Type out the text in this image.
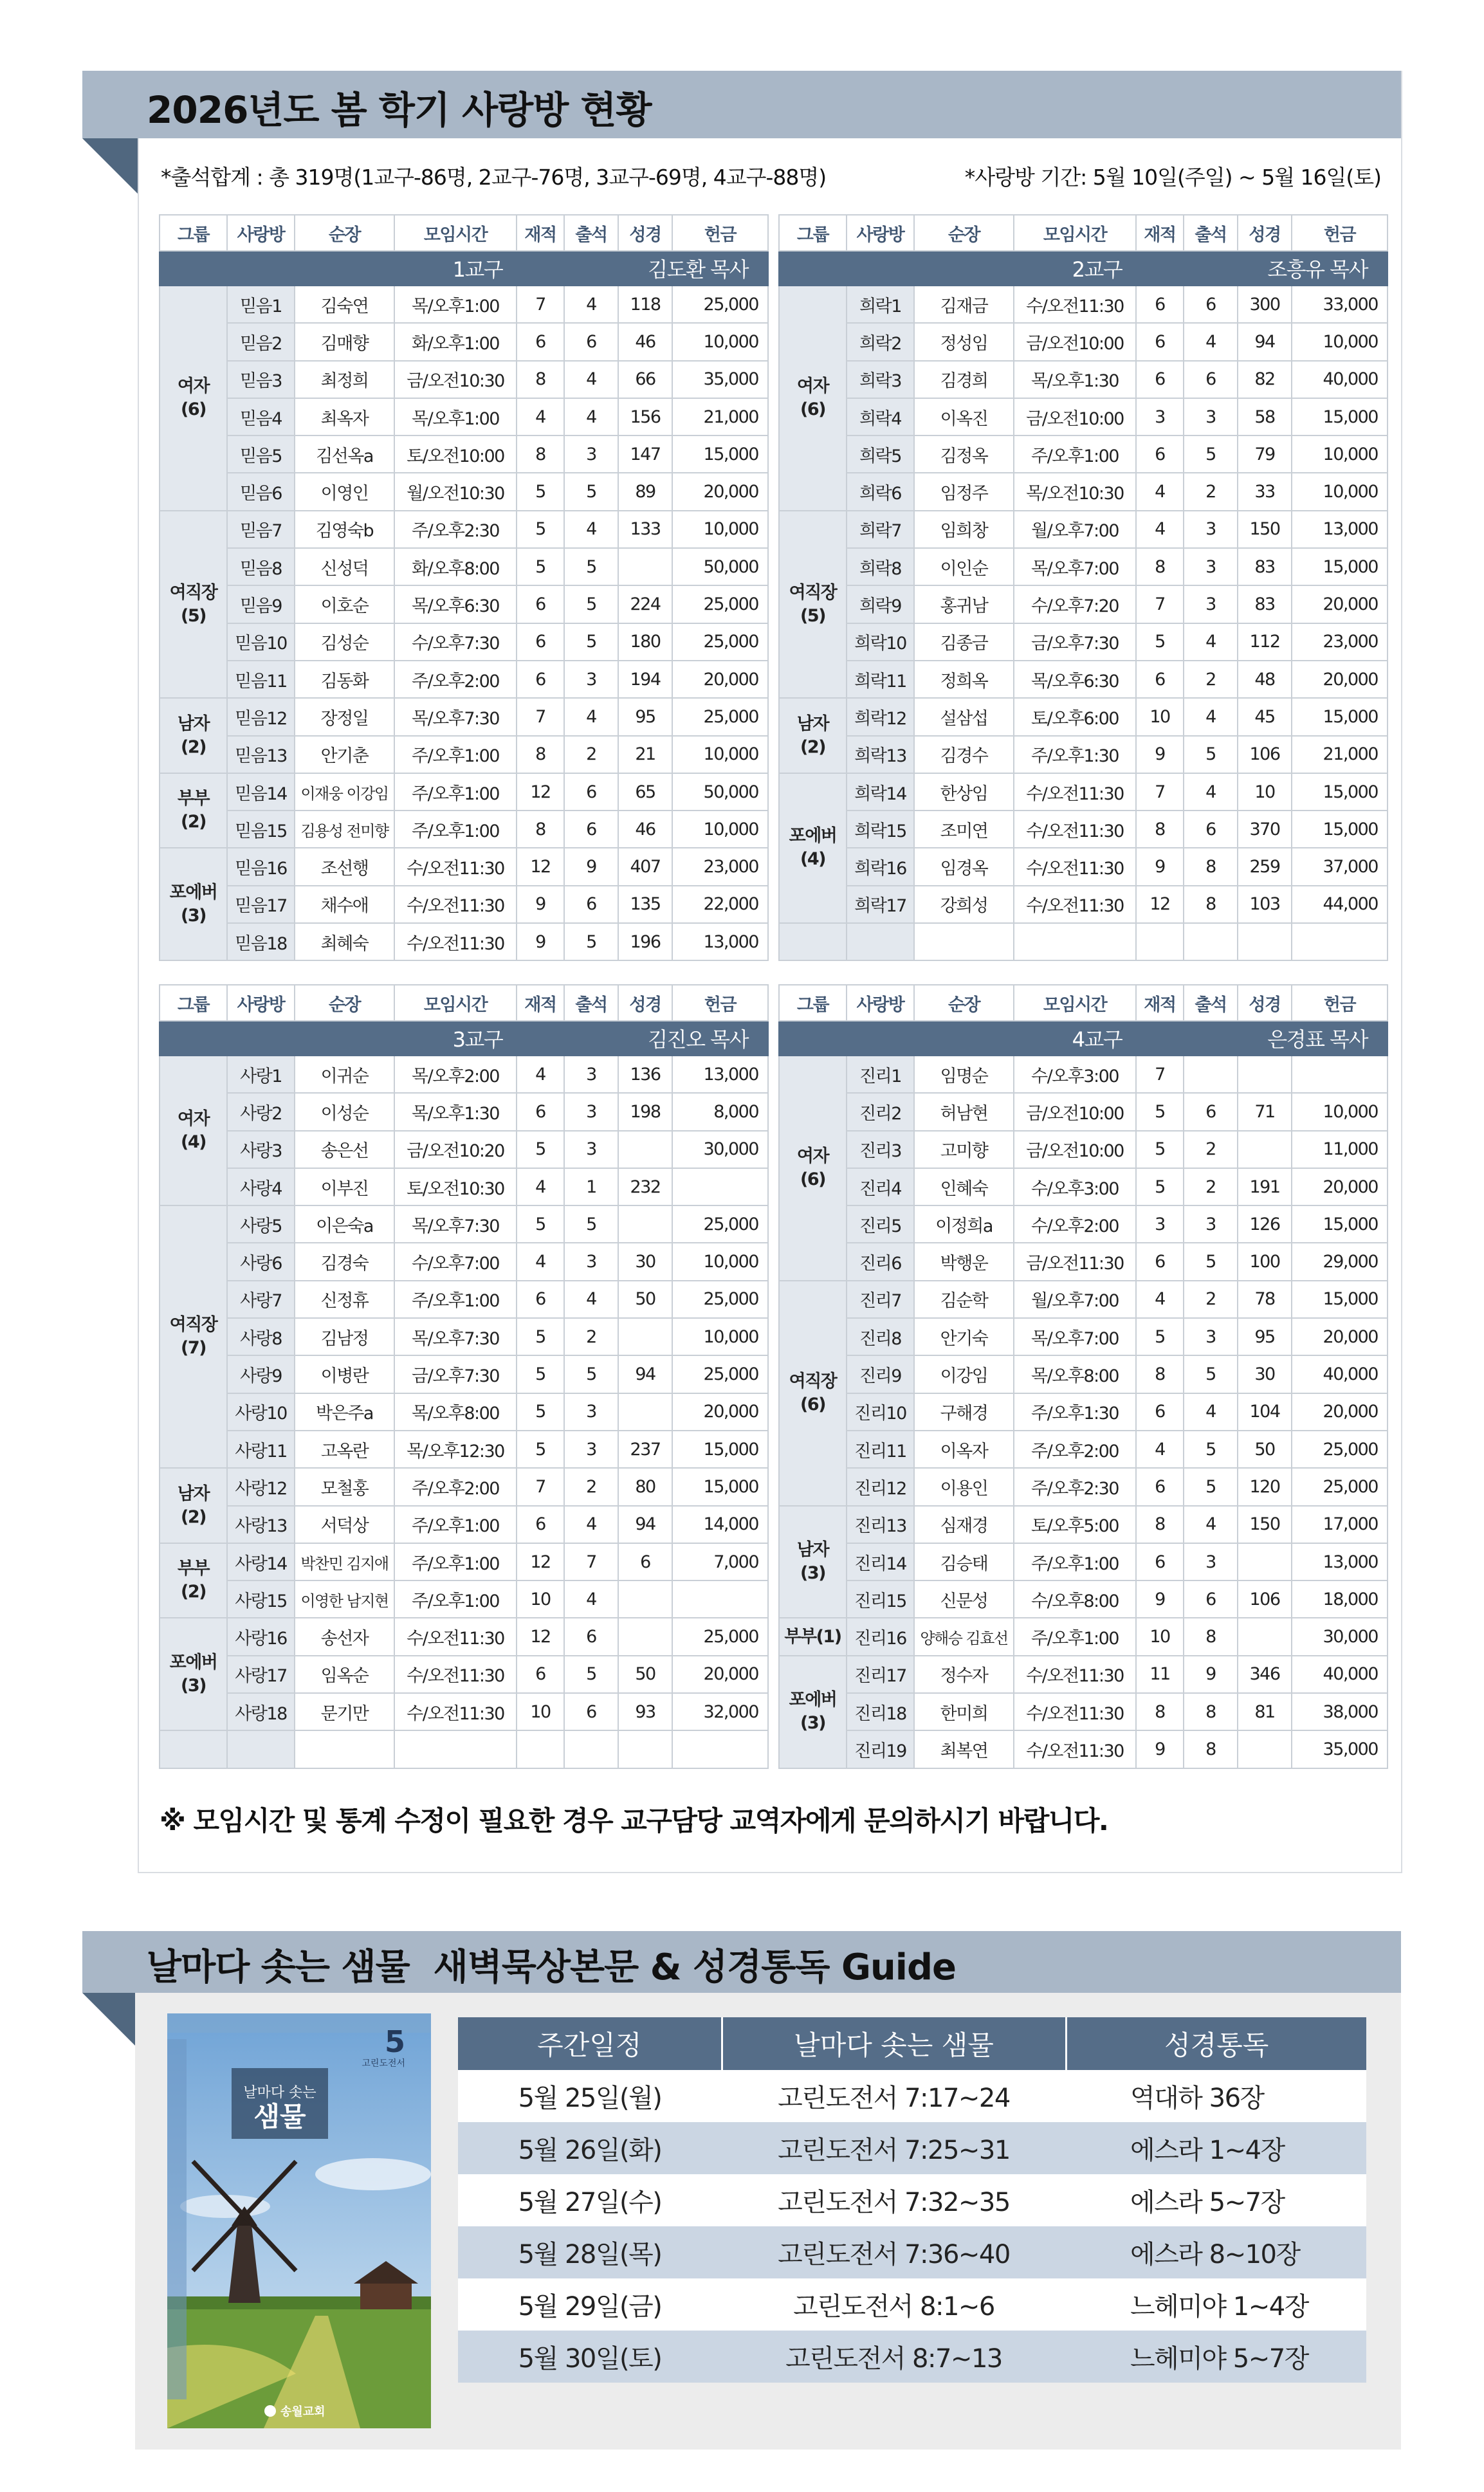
2026년도 봄 학기 사랑방 현황
*출석합계 : 총 319명(1교구-86명, 2교구-76명, 3교구-69명, 4교구-88명)	*사랑방 기간: 5월 10일(주일) ~ 5월 16일(토)
그룹	사랑방	순장	모임시간	재적	출석	성경	헌금
		1교구			김도환 목사		
여자
(6)	믿음1	김숙연	목/오후1:00	7	4	118	25,000
	믿음2	김매향	화/오후1:00	6	6	46	10,000
	믿음3	최정희	금/오전10:30	8	4	66	35,000
	믿음4	최옥자	목/오후1:00	4	4	156	21,000
	믿음5	김선옥a	토/오전10:00	8	3	147	15,000
	믿음6	이영인	월/오전10:30	5	5	89	20,000
여직장
(5)	믿음7	김영숙b	주/오후2:30	5	4	133	10,000
	믿음8	신성덕	화/오후8:00	5	5		50,000
	믿음9	이호순	목/오후6:30	6	5	224	25,000
	믿음10	김성순	수/오후7:30	6	5	180	25,000
	믿음11	김동화	주/오후2:00	6	3	194	20,000
남자
(2)	믿음12	장정일	목/오후7:30	7	4	95	25,000
	믿음13	안기춘	주/오후1:00	8	2	21	10,000
부부
(2)	믿음14	이재웅 이강임	주/오후1:00	12	6	65	50,000
	믿음15	김용성 전미향	주/오후1:00	8	6	46	10,000
포에버
(3)	믿음16	조선행	수/오전11:30	12	9	407	23,000
	믿음17	채수애	수/오전11:30	9	6	135	22,000
	믿음18	최혜숙	수/오전11:30	9	5	196	13,000
그룹	사랑방	순장	모임시간	재적	출석	성경	헌금
		2교구			조흥유 목사		
여자
(6)	희락1	김재금	수/오전11:30	6	6	300	33,000
	희락2	정성임	금/오전10:00	6	4	94	10,000
	희락3	김경희	목/오후1:30	6	6	82	40,000
	희락4	이옥진	금/오전10:00	3	3	58	15,000
	희락5	김정옥	주/오후1:00	6	5	79	10,000
	희락6	임정주	목/오전10:30	4	2	33	10,000
여직장
(5)	희락7	임희창	월/오후7:00	4	3	150	13,000
	희락8	이인순	목/오후7:00	8	3	83	15,000
	희락9	홍귀남	수/오후7:20	7	3	83	20,000
	희락10	김종금	금/오후7:30	5	4	112	23,000
	희락11	정희옥	목/오후6:30	6	2	48	20,000
남자
(2)	희락12	설삼섭	토/오후6:00	10	4	45	15,000
	희락13	김경수	주/오후1:30	9	5	106	21,000
포에버
(4)	희락14	한상임	수/오전11:30	7	4	10	15,000
	희락15	조미연	수/오전11:30	8	6	370	15,000
	희락16	임경옥	수/오전11:30	9	8	259	37,000
	희락17	강희성	수/오전11:30	12	8	103	44,000

그룹	사랑방	순장	모임시간	재적	출석	성경	헌금
		3교구			김진오 목사		
여자
(4)	사랑1	이귀순	목/오후2:00	4	3	136	13,000
	사랑2	이성순	목/오후1:30	6	3	198	8,000
	사랑3	송은선	금/오전10:20	5	3		30,000
	사랑4	이부진	토/오전10:30	4	1	232	
여직장
(7)	사랑5	이은숙a	목/오후7:30	5	5		25,000
	사랑6	김경숙	수/오후7:00	4	3	30	10,000
	사랑7	신정휴	주/오후1:00	6	4	50	25,000
	사랑8	김남정	목/오후7:30	5	2		10,000
	사랑9	이병란	금/오후7:30	5	5	94	25,000
	사랑10	박은주a	목/오후8:00	5	3		20,000
	사랑11	고옥란	목/오후12:30	5	3	237	15,000
남자
(2)	사랑12	모철홍	주/오후2:00	7	2	80	15,000
	사랑13	서덕상	주/오후1:00	6	4	94	14,000
부부
(2)	사랑14	박찬민 김지애	주/오후1:00	12	7	6	7,000
	사랑15	이영한 남지현	주/오후1:00	10	4		
포에버
(3)	사랑16	송선자	수/오전11:30	12	6		25,000
	사랑17	임옥순	수/오전11:30	6	5	50	20,000
	사랑18	문기만	수/오전11:30	10	6	93	32,000

그룹	사랑방	순장	모임시간	재적	출석	성경	헌금
		4교구			은경표 목사		
여자
(6)	진리1	임명순	수/오후3:00	7			
	진리2	허남현	금/오전10:00	5	6	71	10,000
	진리3	고미향	금/오전10:00	5	2		11,000
	진리4	인혜숙	수/오후3:00	5	2	191	20,000
	진리5	이정희a	수/오후2:00	3	3	126	15,000
	진리6	박행운	금/오전11:30	6	5	100	29,000
여직장
(6)	진리7	김순학	월/오후7:00	4	2	78	15,000
	진리8	안기숙	목/오후7:00	5	3	95	20,000
	진리9	이강임	목/오후8:00	8	5	30	40,000
	진리10	구해경	주/오후1:30	6	4	104	20,000
	진리11	이옥자	주/오후2:00	4	5	50	25,000
	진리12	이용인	주/오후2:30	6	5	120	25,000
남자
(3)	진리13	심재경	토/오후5:00	8	4	150	17,000
	진리14	김승태	주/오후1:00	6	3		13,000
	진리15	신문성	수/오후8:00	9	6	106	18,000
부부(1)	진리16	양해승 김효선	주/오후1:00	10	8		30,000
포에버
(3)	진리17	정수자	수/오전11:30	11	9	346	40,000
	진리18	한미희	수/오전11:30	8	8	81	38,000
	진리19	최복연	수/오전11:30	9	8		35,000
※ 모임시간 및 통계 수정이 필요한 경우 교구담당 교역자에게 문의하시기 바랍니다.
날마다 솟는 샘물  새벽묵상본문 & 성경통독 Guide
5
고린도전서
날마다 솟는
샘물
송월교회
주간일정	날마다 솟는 샘물	성경통독
5월 25일(월)	고린도전서 7:17~24	역대하 36장
5월 26일(화)	고린도전서 7:25~31	에스라 1~4장
5월 27일(수)	고린도전서 7:32~35	에스라 5~7장
5월 28일(목)	고린도전서 7:36~40	에스라 8~10장
5월 29일(금)	고린도전서 8:1~6	느헤미야 1~4장
5월 30일(토)	고린도전서 8:7~13	느헤미야 5~7장
